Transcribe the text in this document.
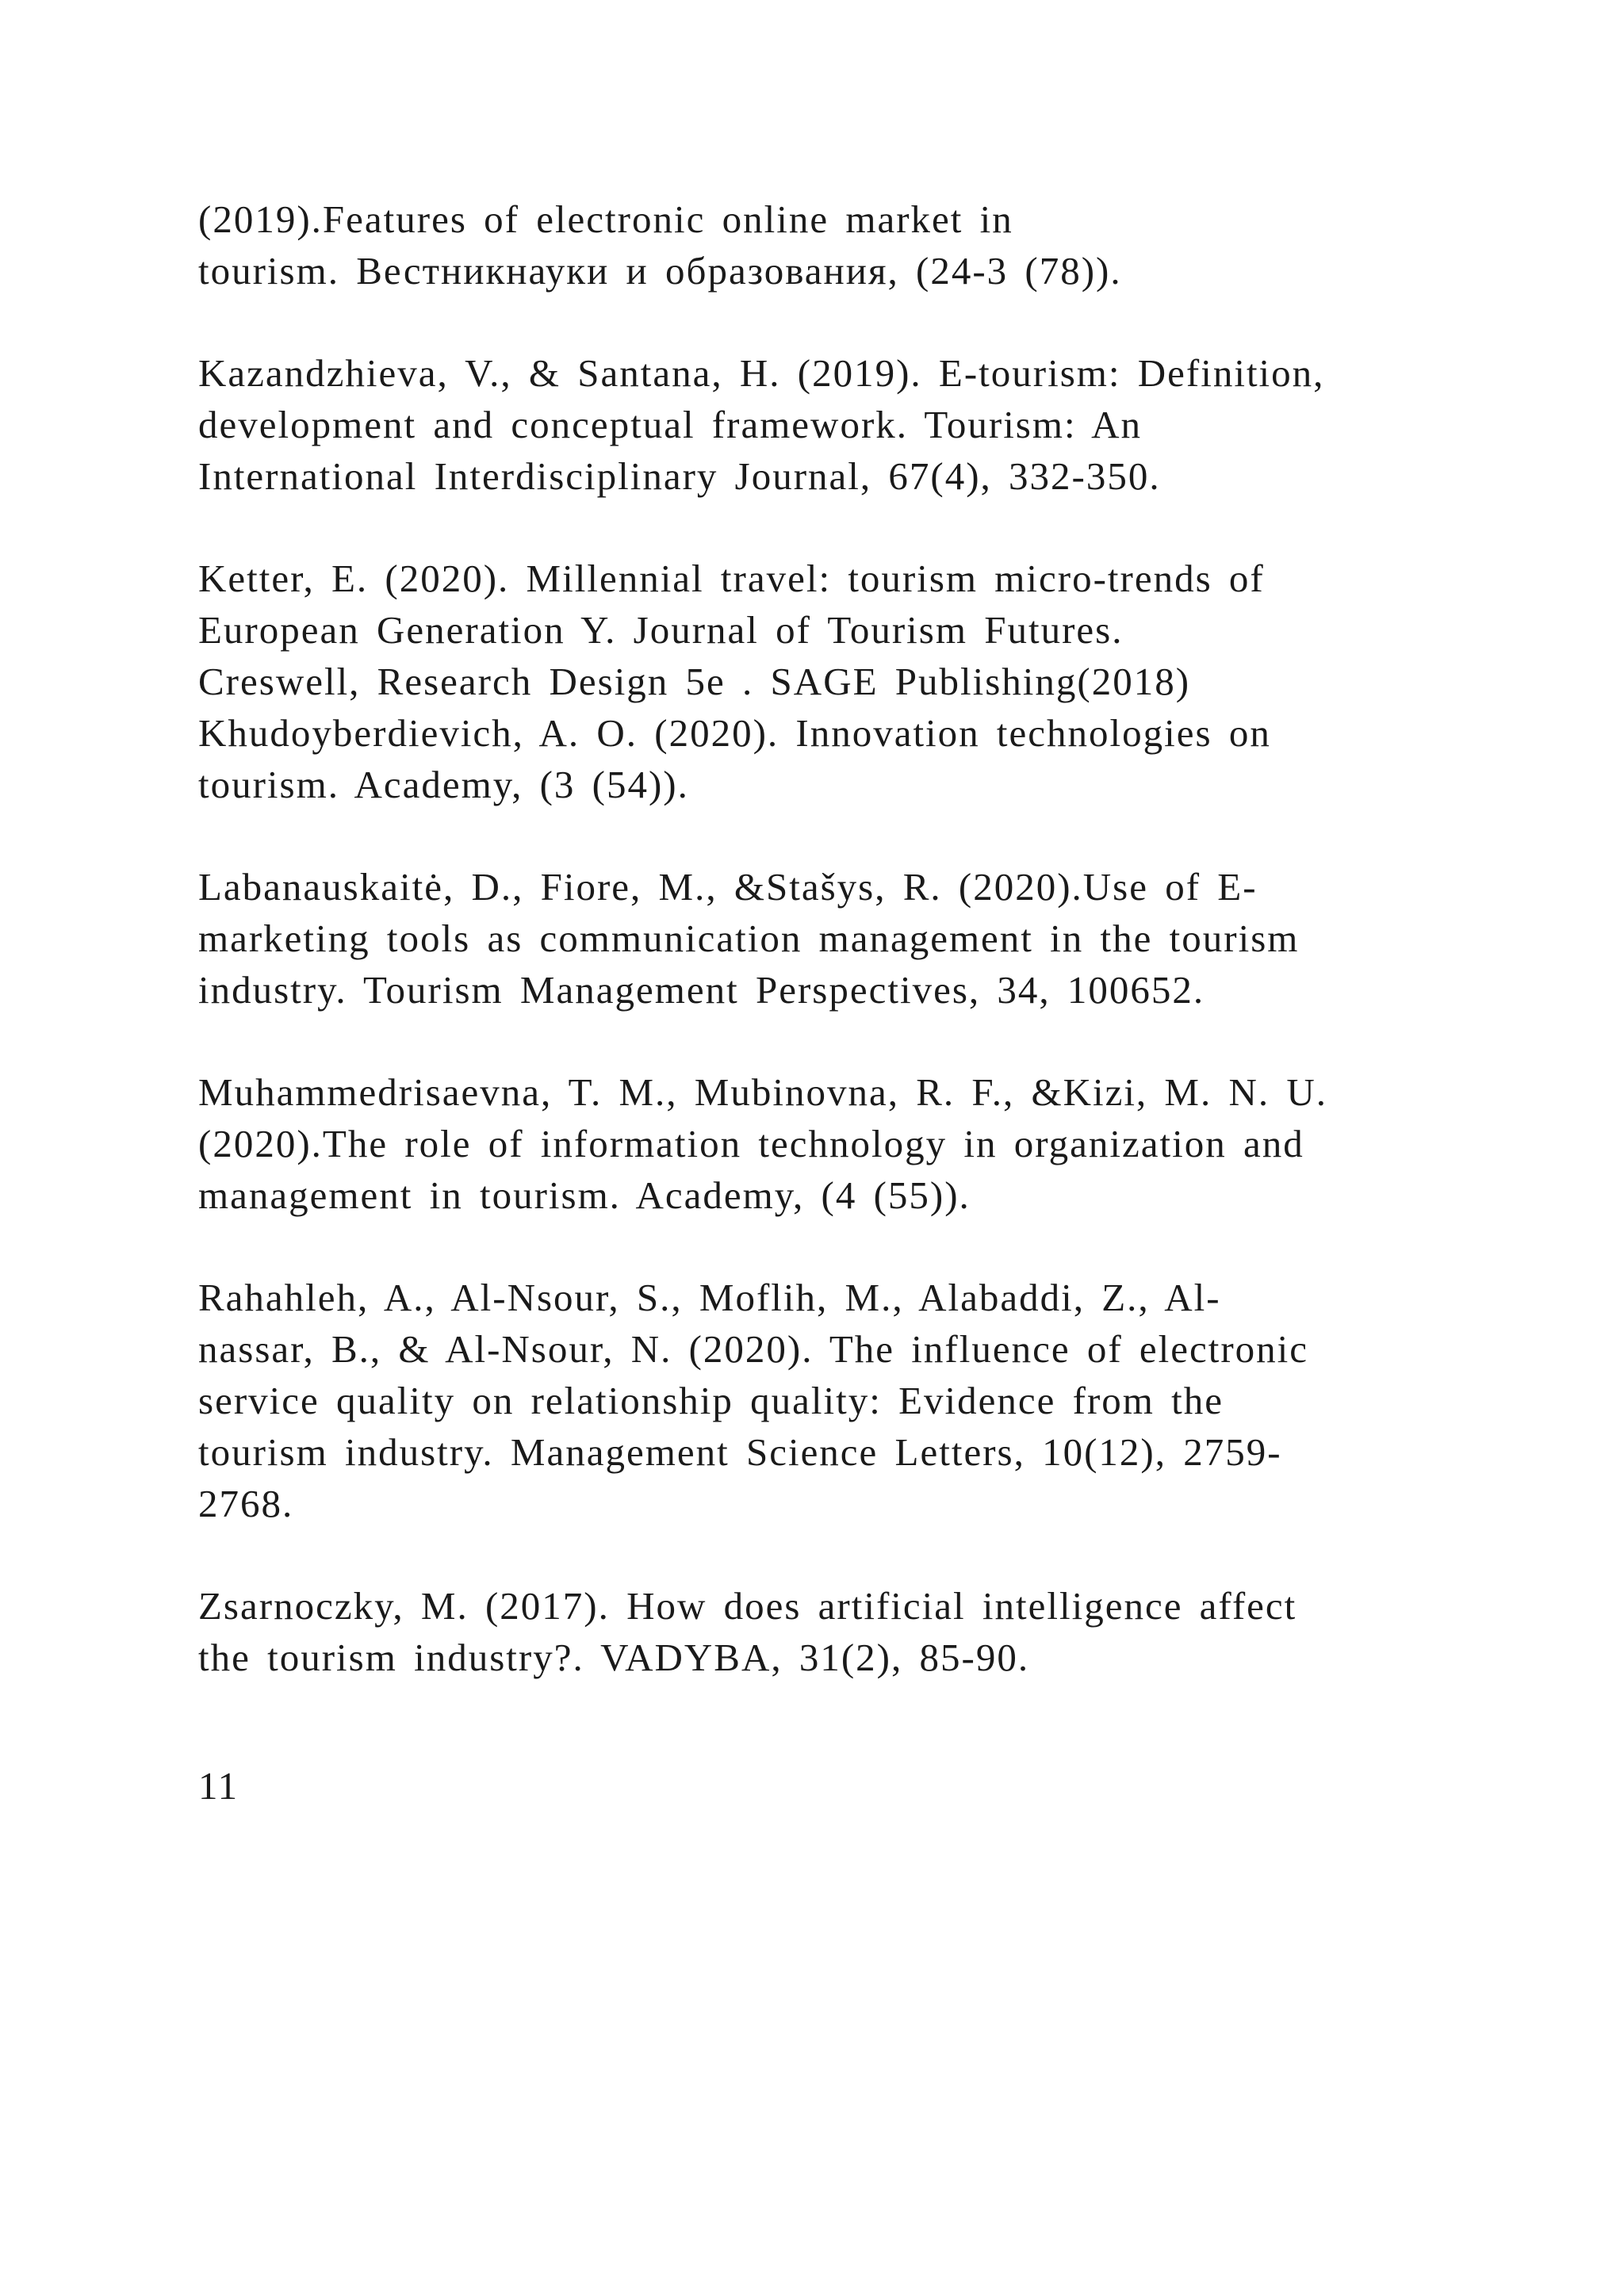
(2019).Features of electronic online market in
tourism. Вестникнауки и образования, (24-3 (78)).
Kazandzhieva, V., & Santana, H. (2019). E-tourism: Definition,
development and conceptual framework. Tourism: An
International Interdisciplinary Journal, 67(4), 332-350.
Ketter, E. (2020). Millennial travel: tourism micro-trends of
European Generation Y. Journal of Tourism Futures.
Creswell, Research Design 5e . SAGE Publishing(2018)
Khudoyberdievich, A. O. (2020). Innovation technologies on
tourism. Academy, (3 (54)).
Labanauskaitė, D., Fiore, M., &Stašys, R. (2020).Use of E-
marketing tools as communication management in the tourism
industry. Tourism Management Perspectives, 34, 100652.
Muhammedrisaevna, T. M., Mubinovna, R. F., &Kizi, M. N. U.
(2020).The role of information technology in organization and
management in tourism. Academy, (4 (55)).
Rahahleh, A., Al-Nsour, S., Moflih, M., Alabaddi, Z., Al-
nassar, B., & Al-Nsour, N. (2020). The influence of electronic
service quality on relationship quality: Evidence from the
tourism industry. Management Science Letters, 10(12), 2759-
2768.
Zsarnoczky, M. (2017). How does artificial intelligence affect
the tourism industry?. VADYBA, 31(2), 85-90.
11
